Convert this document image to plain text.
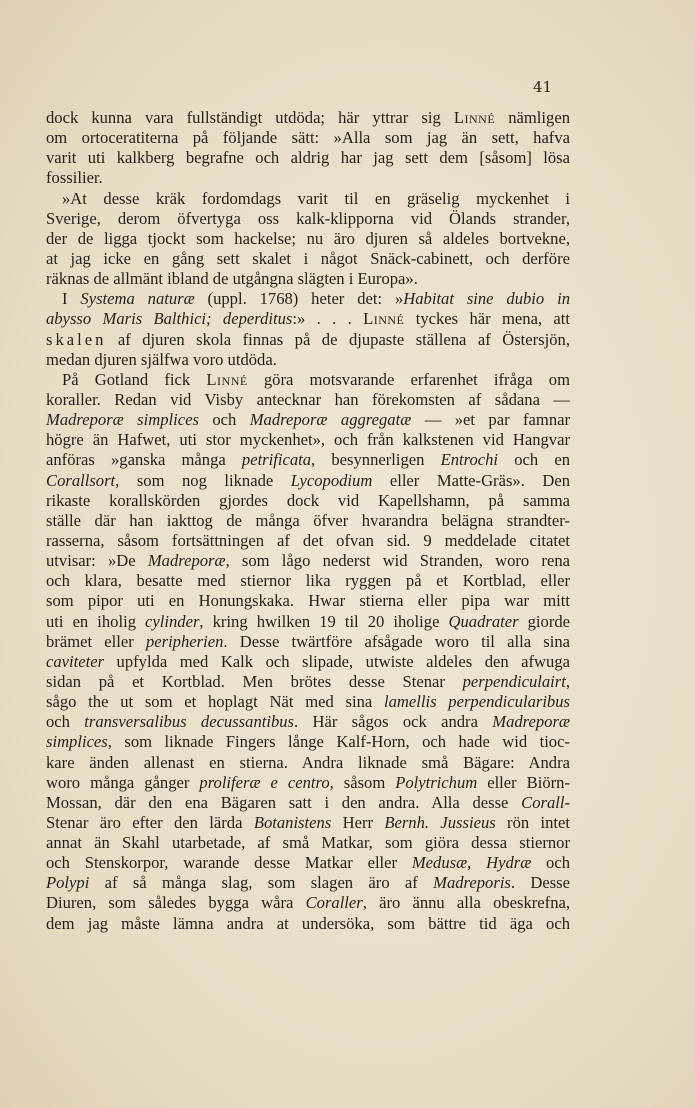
41
dock kunna vara fullständigt utdöda; här yttrar sig Linné nämligen
om ortoceratiterna på följande sätt: »Alla som jag än sett, hafva
varit uti kalkberg begrafne och aldrig har jag sett dem [såsom] lösa
fossilier.
»At desse kräk fordomdags varit til en gräselig myckenhet i
Sverige, derom öfvertyga oss kalk-klipporna vid Ölands strander,
der de ligga tjockt som hackelse; nu äro djuren så aldeles bortvekne,
at jag icke en gång sett skalet i något Snäck-cabinett, och derföre
räknas de allmänt ibland de utgångna slägten i Europa».
I Systema naturæ (uppl. 1768) heter det: »Habitat sine dubio in
abysso Maris Balthici; deperditus:» . . . Linné tyckes här mena, att
skalen af djuren skola finnas på de djupaste ställena af Östersjön,
medan djuren själfwa voro utdöda.
På Gotland fick Linné göra motsvarande erfarenhet ifråga om
koraller. Redan vid Visby antecknar han förekomsten af sådana —
Madreporæ simplices och Madreporæ aggregatæ — »et par famnar
högre än Hafwet, uti stor myckenhet», och från kalkstenen vid Hangvar
anföras »ganska många petrificata, besynnerligen Entrochi och en
Corallsort, som nog liknade Lycopodium eller Matte-Gräs». Den
rikaste korallskörden gjordes dock vid Kapellshamn, på samma
ställe där han iakttog de många öfver hvarandra belägna strandter-
rasserna, såsom fortsättningen af det ofvan sid. 9 meddelade citatet
utvisar: »De Madreporæ, som lågo nederst wid Stranden, woro rena
och klara, besatte med stiernor lika ryggen på et Kortblad, eller
som pipor uti en Honungskaka. Hwar stierna eller pipa war mitt
uti en iholig cylinder, kring hwilken 19 til 20 iholige Quadrater giorde
brämet eller peripherien. Desse twärtföre afsågade woro til alla sina
caviteter upfylda med Kalk och slipade, utwiste aldeles den afwuga
sidan på et Kortblad. Men brötes desse Stenar perpendiculairt,
sågo the ut som et hoplagt Nät med sina lamellis perpendicularibus
och transversalibus decussantibus. Här sågos ock andra Madreporæ
simplices, som liknade Fingers långe Kalf-Horn, och hade wid tioc-
kare änden allenast en stierna. Andra liknade små Bägare: Andra
woro många gånger proliferæ e centro, såsom Polytrichum eller Biörn-
Mossan, där den ena Bägaren satt i den andra. Alla desse Corall-
Stenar äro efter den lärda Botanistens Herr Bernh. Jussieus rön intet
annat än Skahl utarbetade, af små Matkar, som giöra dessa stiernor
och Stenskorpor, warande desse Matkar eller Medusæ, Hydræ och
Polypi af så många slag, som slagen äro af Madreporis. Desse
Diuren, som således bygga wåra Coraller, äro ännu alla obeskrefna,
dem jag måste lämna andra at undersöka, som bättre tid äga och
